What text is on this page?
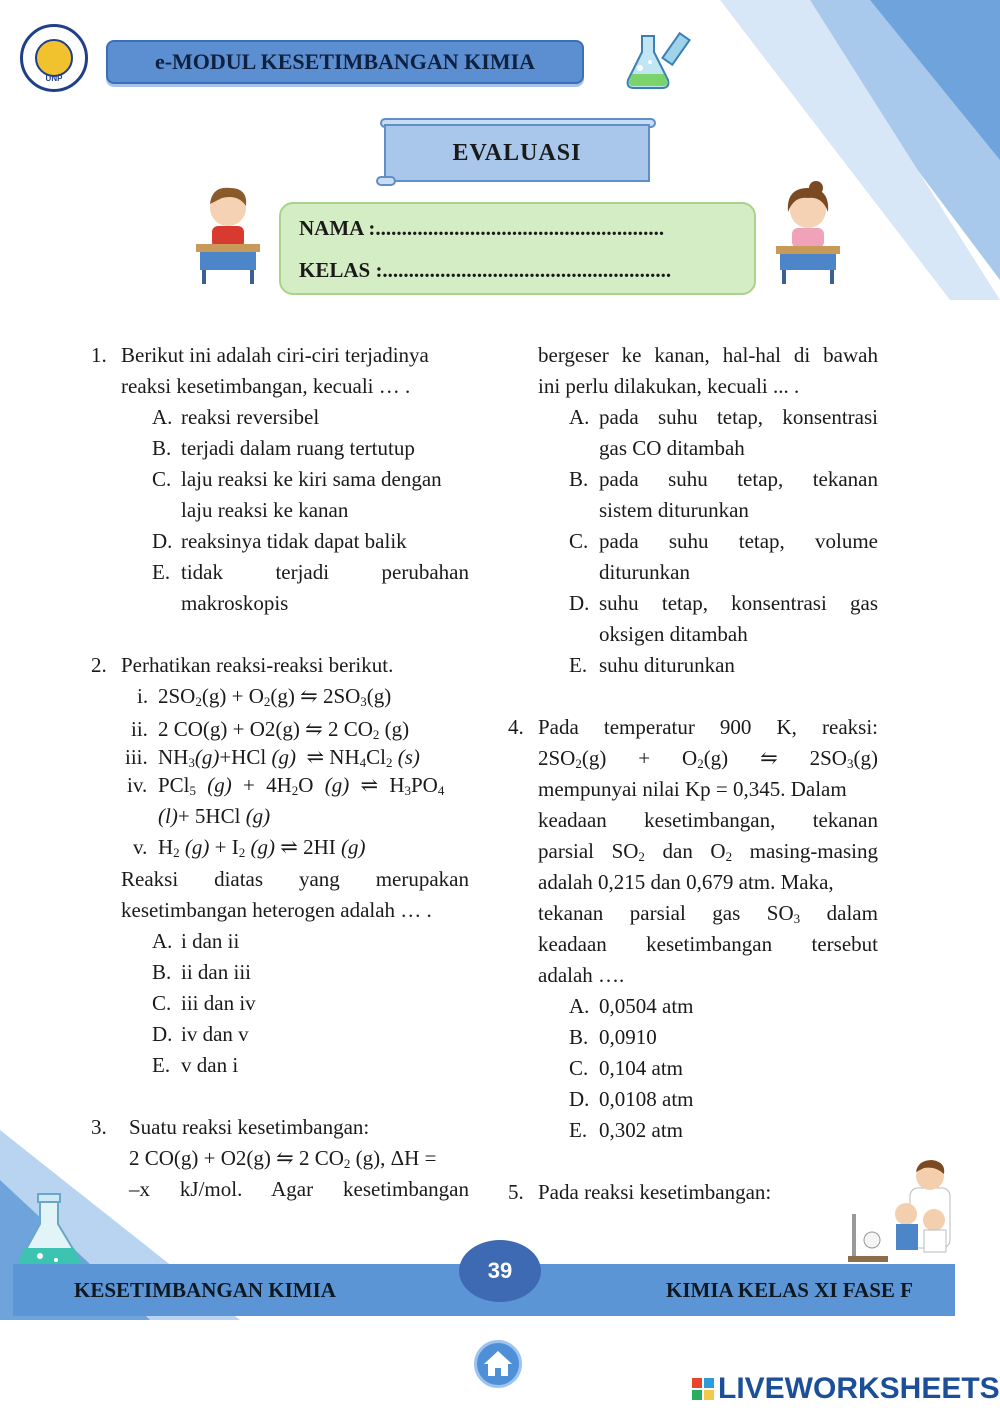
UNP
e-MODUL KESETIMBANGAN KIMIA
EVALUASI
NAMA :.......................................................
KELAS :.......................................................
1. Berikut ini adalah ciri-ciri terjadinya
reaksi kesetimbangan, kecuali … .
A. reaksi reversibel
B. terjadi dalam ruang tertutup
C. laju reaksi ke kiri sama dengan
laju reaksi ke kanan
D. reaksinya tidak dapat balik
E. tidak terjadi perubahan
makroskopis
2. Perhatikan reaksi-reaksi berikut.
i. $2SO_2(g) + O_2(g)$ ⇋ $2SO_3(g)$
ii. 2 CO(g) + O2(g) ⇋ 2 $CO_2$ (g)
iii. $NH_3(g)+HCl$ (g)  ⇌ $NH_4Cl_2$ (s)
iv. PCl$_5$ $(g) + 4H_2O$ (g) ⇌ $H_3PO_4$
(l)+ 5HCl (g)
v. $H_2$ $(g) + I_2$ (g) ⇌ 2HI (g)
Reaksi diatas yang merupakan
kesetimbangan heterogen adalah … .
A. i dan ii
B. ii dan iii
C. iii dan iv
D. iv dan v
E. v dan i
3. Suatu reaksi kesetimbangan:
2 CO(g) + O2(g) ⇋ 2 $CO_2$ (g), ΔH =
–x kJ/mol. Agar kesetimbangan
bergeser ke kanan, hal-hal di bawah
ini perlu dilakukan, kecuali ... .
A. pada suhu tetap, konsentrasi
gas CO ditambah
B. pada suhu tetap, tekanan
sistem diturunkan
C. pada suhu tetap, volume
diturunkan
D. suhu tetap, konsentrasi gas
oksigen ditambah
E. suhu diturunkan
4. Pada temperatur 900 K, reaksi:
$2SO_2(g) + O_2(g)$ ⇋ $2SO_3(g)$
mempunyai nilai Kp = 0,345. Dalam
keadaan kesetimbangan, tekanan
parsial $SO_2$ dan $O_2$ masing-masing
adalah 0,215 dan 0,679 atm. Maka,
tekanan parsial gas $SO_3$ dalam
keadaan kesetimbangan tersebut
adalah ….
A. 0,0504 atm
B. 0,0910
C. 0,104 atm
D. 0,0108 atm
E. 0,302 atm
5. Pada reaksi kesetimbangan:
KESETIMBANGAN KIMIA	KIMIA KELAS XI FASE F
39
LIVEWORKSHEETS
